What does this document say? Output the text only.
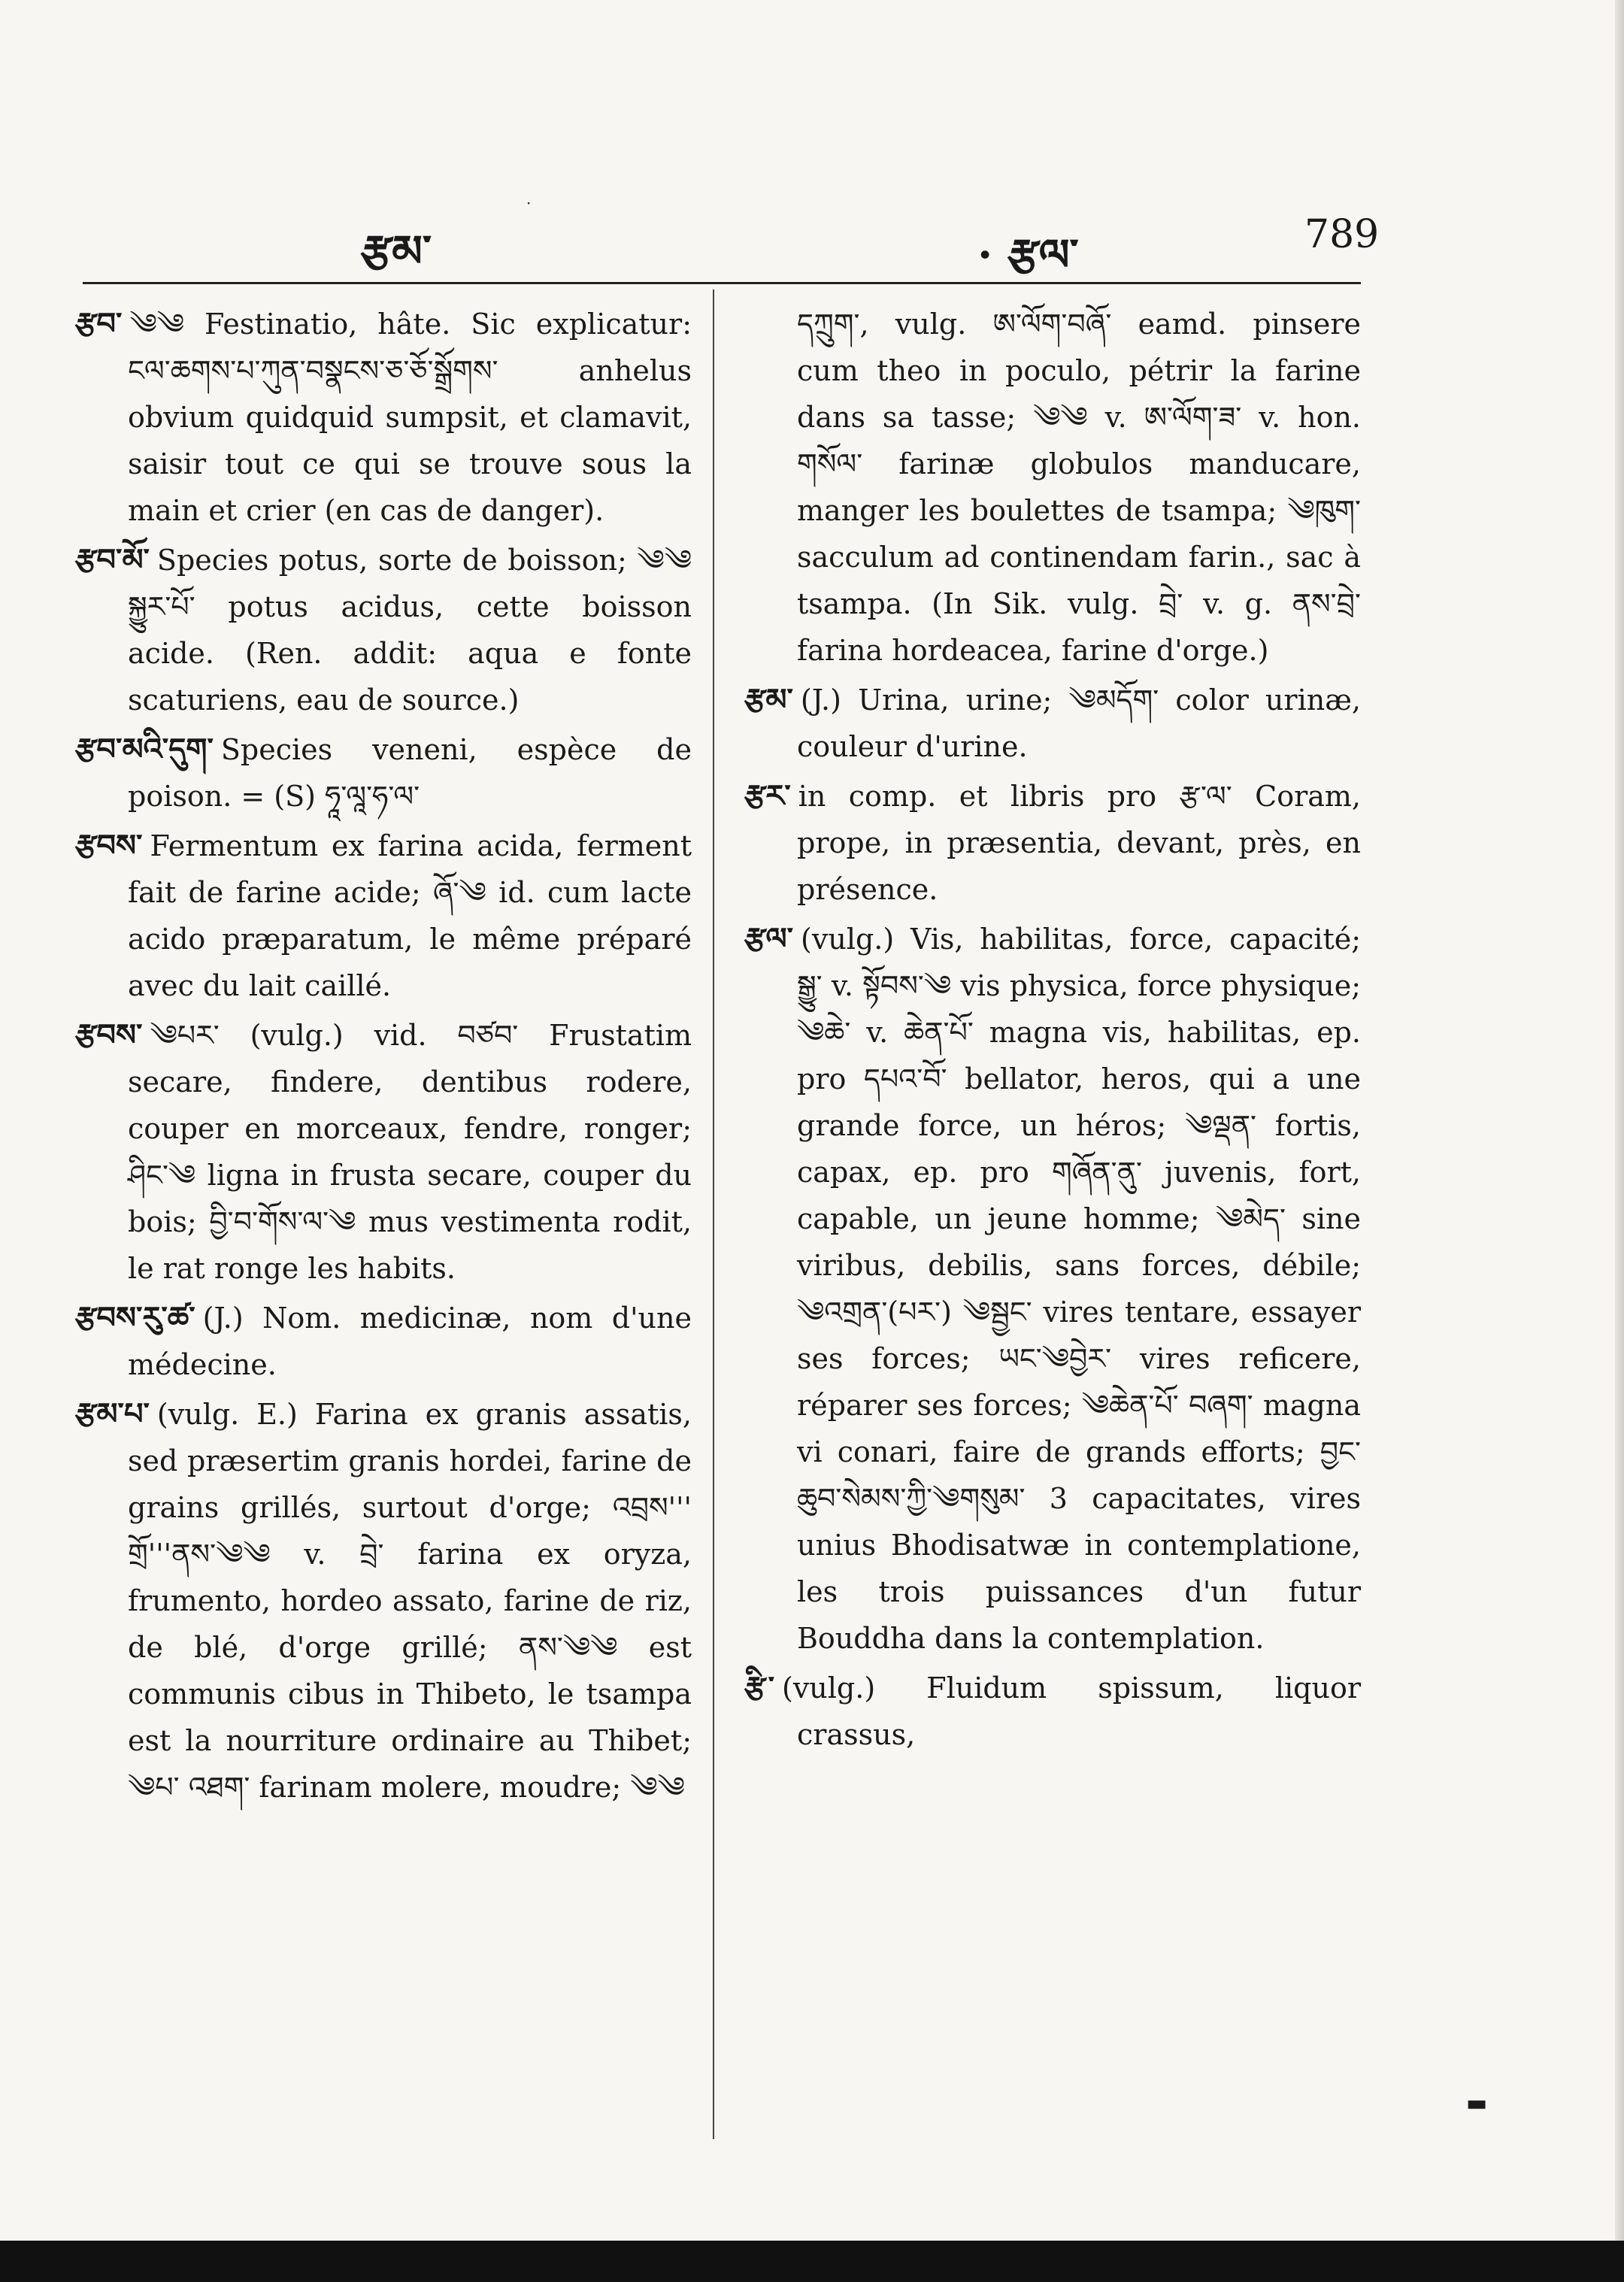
·
རྩམ་	· རྩལ་	789

རྩབ་ ༄༄ Festinatio, hâte. Sic explicatur: ངལ་ཆགས་པ་ཀུན་བསྣངས་ཅ་ཅོ་སྒྲོགས་ anhelus obvium quidquid sumpsit, et clamavit, saisir tout ce qui se trouve sous la main et crier (en cas de danger).

རྩབ་མོ་ Species potus, sorte de boisson; ༄༄ སྐྱུར་པོ་ potus acidus, cette boisson acide. (Ren. addit: aqua e fonte scaturiens, eau de source.)

རྩབ་མའི་དུག་ Species veneni, espèce de poison. = (S) ཧཱ་ལཱ་ཧ་ལ་

རྩབས་ Fermentum ex farina acida, ferment fait de farine acide; ཞོ་༄ id. cum lacte acido præparatum, le même préparé avec du lait caillé.

རྩབས་ ༄པར་ (vulg.) vid. བཙབ་ Frustatim secare, findere, dentibus rodere, couper en morceaux, fendre, ronger; ཤིང་༄ ligna in frusta secare, couper du bois; བྱི་བ་གོས་ལ་༄ mus vestimenta rodit, le rat ronge les habits.

རྩབས་རུ་ཚ་ (J.) Nom. medicinæ, nom d'une médecine.

རྩམ་པ་ (vulg. E.) Farina ex granis assatis, sed præsertim granis hordei, farine de grains grillés, surtout d'orge; འབྲས''' གྲོ'''ནས་༄༄ v. བྲེ་ farina ex oryza, frumento, hordeo assato, farine de riz, de blé, d'orge grillé; ནས་༄༄ est communis cibus in Thibeto, le tsampa est la nourriture ordinaire au Thibet; ༄པ་ འཐག་ farinam molere, moudre; ༄༄

དཀྲུག་, vulg. ཨ་ལོག་བཞོ་ eamd. pinsere cum theo in poculo, pétrir la farine dans sa tasse; ༄༄ v. ཨ་ལོག་ཟ་ v. hon. གསོལ་ farinæ globulos manducare, manger les boulettes de tsampa; ༄ཁུག་ sacculum ad continendam farin., sac à tsampa. (In Sik. vulg. བྲེ་ v. g. ནས་བྲེ་ farina hordeacea, farine d'orge.)

རྩམ་ (J.) Urina, urine; ༄མདོག་ color urinæ, couleur d'urine.

རྩར་ in comp. et libris pro རྩ་ལ་ Coram, prope, in præsentia, devant, près, en présence.

རྩལ་ (vulg.) Vis, habilitas, force, capacité; སྒྱུ་ v. སྟོབས་༄ vis physica, force physique; ༄ཆེ་ v. ཆེན་པོ་ magna vis, habilitas, ep. pro དཔའ་བོ་ bellator, heros, qui a une grande force, un héros; ༄ལྡན་ fortis, capax, ep. pro གཞོན་ནུ་ juvenis, fort, capable, un jeune homme; ༄མེད་ sine viribus, debilis, sans forces, débile; ༄འགྲན་(པར་) ༄སྦྱང་ vires tentare, essayer ses forces; ཡང་༄བྱེར་ vires reficere, réparer ses forces; ༄ཆེན་པོ་ བཞག་ magna vi conari, faire de grands efforts; བྱང་ཆུབ་སེམས་ཀྱི་༄གསུམ་ 3 capacitates, vires unius Bhodisatwæ in contemplatione, les trois puissances d'un futur Bouddha dans la contemplation.

རྩི་ (vulg.) Fluidum spissum, liquor crassus,

▬
